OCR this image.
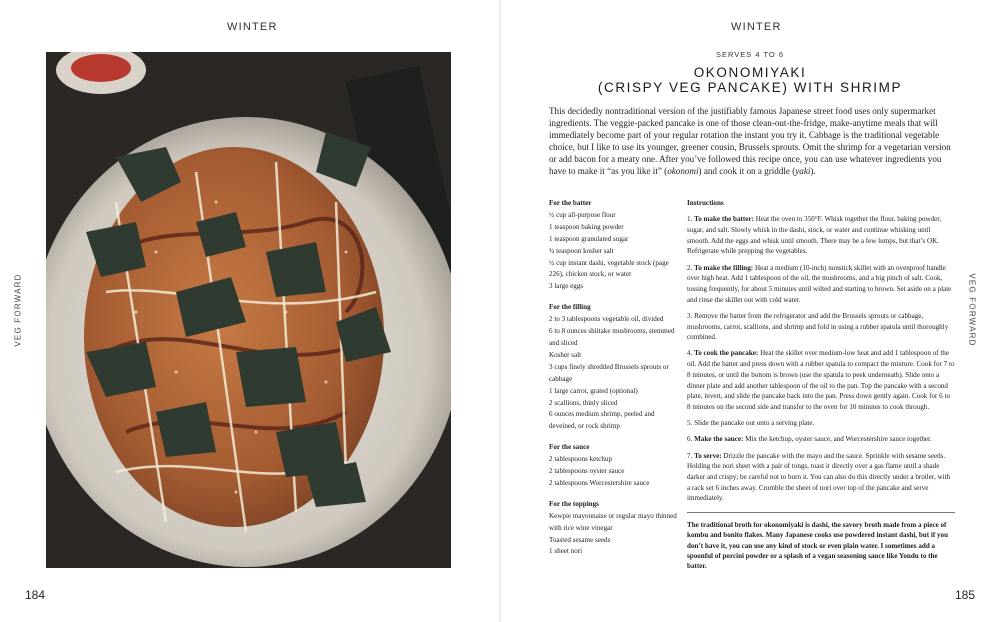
WINTER
VEG FORWARD
184
WINTER
VEG FORWARD
185
SERVES 4 TO 6
OKONOMIYAKI
(CRISPY VEG PANCAKE) WITH SHRIMP
This decidedly nontraditional version of the justifiably famous Japanese street food uses only supermarket ingredients. The veggie-packed pancake is one of those clean-out-the-fridge, make-anytime meals that will immediately become part of your regular rotation the instant you try it. Cabbage is the traditional vegetable choice, but I like to use its younger, greener cousin, Brussels sprouts. Omit the shrimp for a vegetarian version or add bacon for a meaty one. After you’ve followed this recipe once, you can use whatever ingredients you have to make it “as you like it” (okonomi) and cook it on a griddle (yaki).
For the batter
½ cup all-purpose flour
1 teaspoon baking powder
1 teaspoon granulated sugar
¾ teaspoon kosher salt
½ cup instant dashi, vegetable stock (page 226), chicken stock, or water
3 large eggs
For the filling
2 to 3 tablespoons vegetable oil, divided
6 to 8 ounces shiitake mushrooms, stemmed and sliced
Kosher salt
3 cups finely shredded Brussels sprouts or cabbage
1 large carrot, grated (optional)
2 scallions, thinly sliced
6 ounces medium shrimp, peeled and deveined, or rock shrimp
For the sauce
2 tablespoons ketchup
2 tablespoons oyster sauce
2 tablespoons Worcestershire sauce
For the toppings
Kewpie mayonnaise or regular mayo thinned with rice wine vinegar
Toasted sesame seeds
1 sheet nori
Instructions
1. To make the batter: Heat the oven to 350°F. Whisk together the flour, baking powder, sugar, and salt. Slowly whisk in the dashi, stock, or water and continue whisking until smooth. Add the eggs and whisk until smooth. There may be a few lumps, but that’s OK. Refrigerate while prepping the vegetables.
2. To make the filling: Heat a medium (10-inch) nonstick skillet with an ovenproof handle over high heat. Add 1 tablespoon of the oil, the mushrooms, and a big pinch of salt. Cook, tossing frequently, for about 5 minutes until wilted and starting to brown. Set aside on a plate and rinse the skillet out with cold water.
3. Remove the batter from the refrigerator and add the Brussels sprouts or cabbage, mushrooms, carrot, scallions, and shrimp and fold in using a rubber spatula until thoroughly combined.
4. To cook the pancake: Heat the skillet over medium-low heat and add 1 tablespoon of the oil. Add the batter and press down with a rubber spatula to compact the mixture. Cook for 7 to 8 minutes, or until the bottom is brown (use the spatula to peek underneath). Slide onto a dinner plate and add another tablespoon of the oil to the pan. Top the pancake with a second plate, invert, and slide the pancake back into the pan. Press down gently again. Cook for 6 to 8 minutes on the second side and transfer to the oven for 10 minutes to cook through.
5. Slide the pancake out onto a serving plate.
6. Make the sauce: Mix the ketchup, oyster sauce, and Worcestershire sauce together.
7. To serve: Drizzle the pancake with the mayo and the sauce. Sprinkle with sesame seeds. Holding the nori sheet with a pair of tongs, toast it directly over a gas flame until a shade darker and crispy; be careful not to burn it. You can also do this directly under a broiler, with a rack set 6 inches away. Crumble the sheet of nori over top of the pancake and serve immediately.
The traditional broth for okonomiyaki is dashi, the savory broth made from a piece of kombu and bonito flakes. Many Japanese cooks use powdered instant dashi, but if you don’t have it, you can use any kind of stock or even plain water. I sometimes add a spoonful of porcini powder or a splash of a vegan seasoning sauce like Yondu to the batter.
